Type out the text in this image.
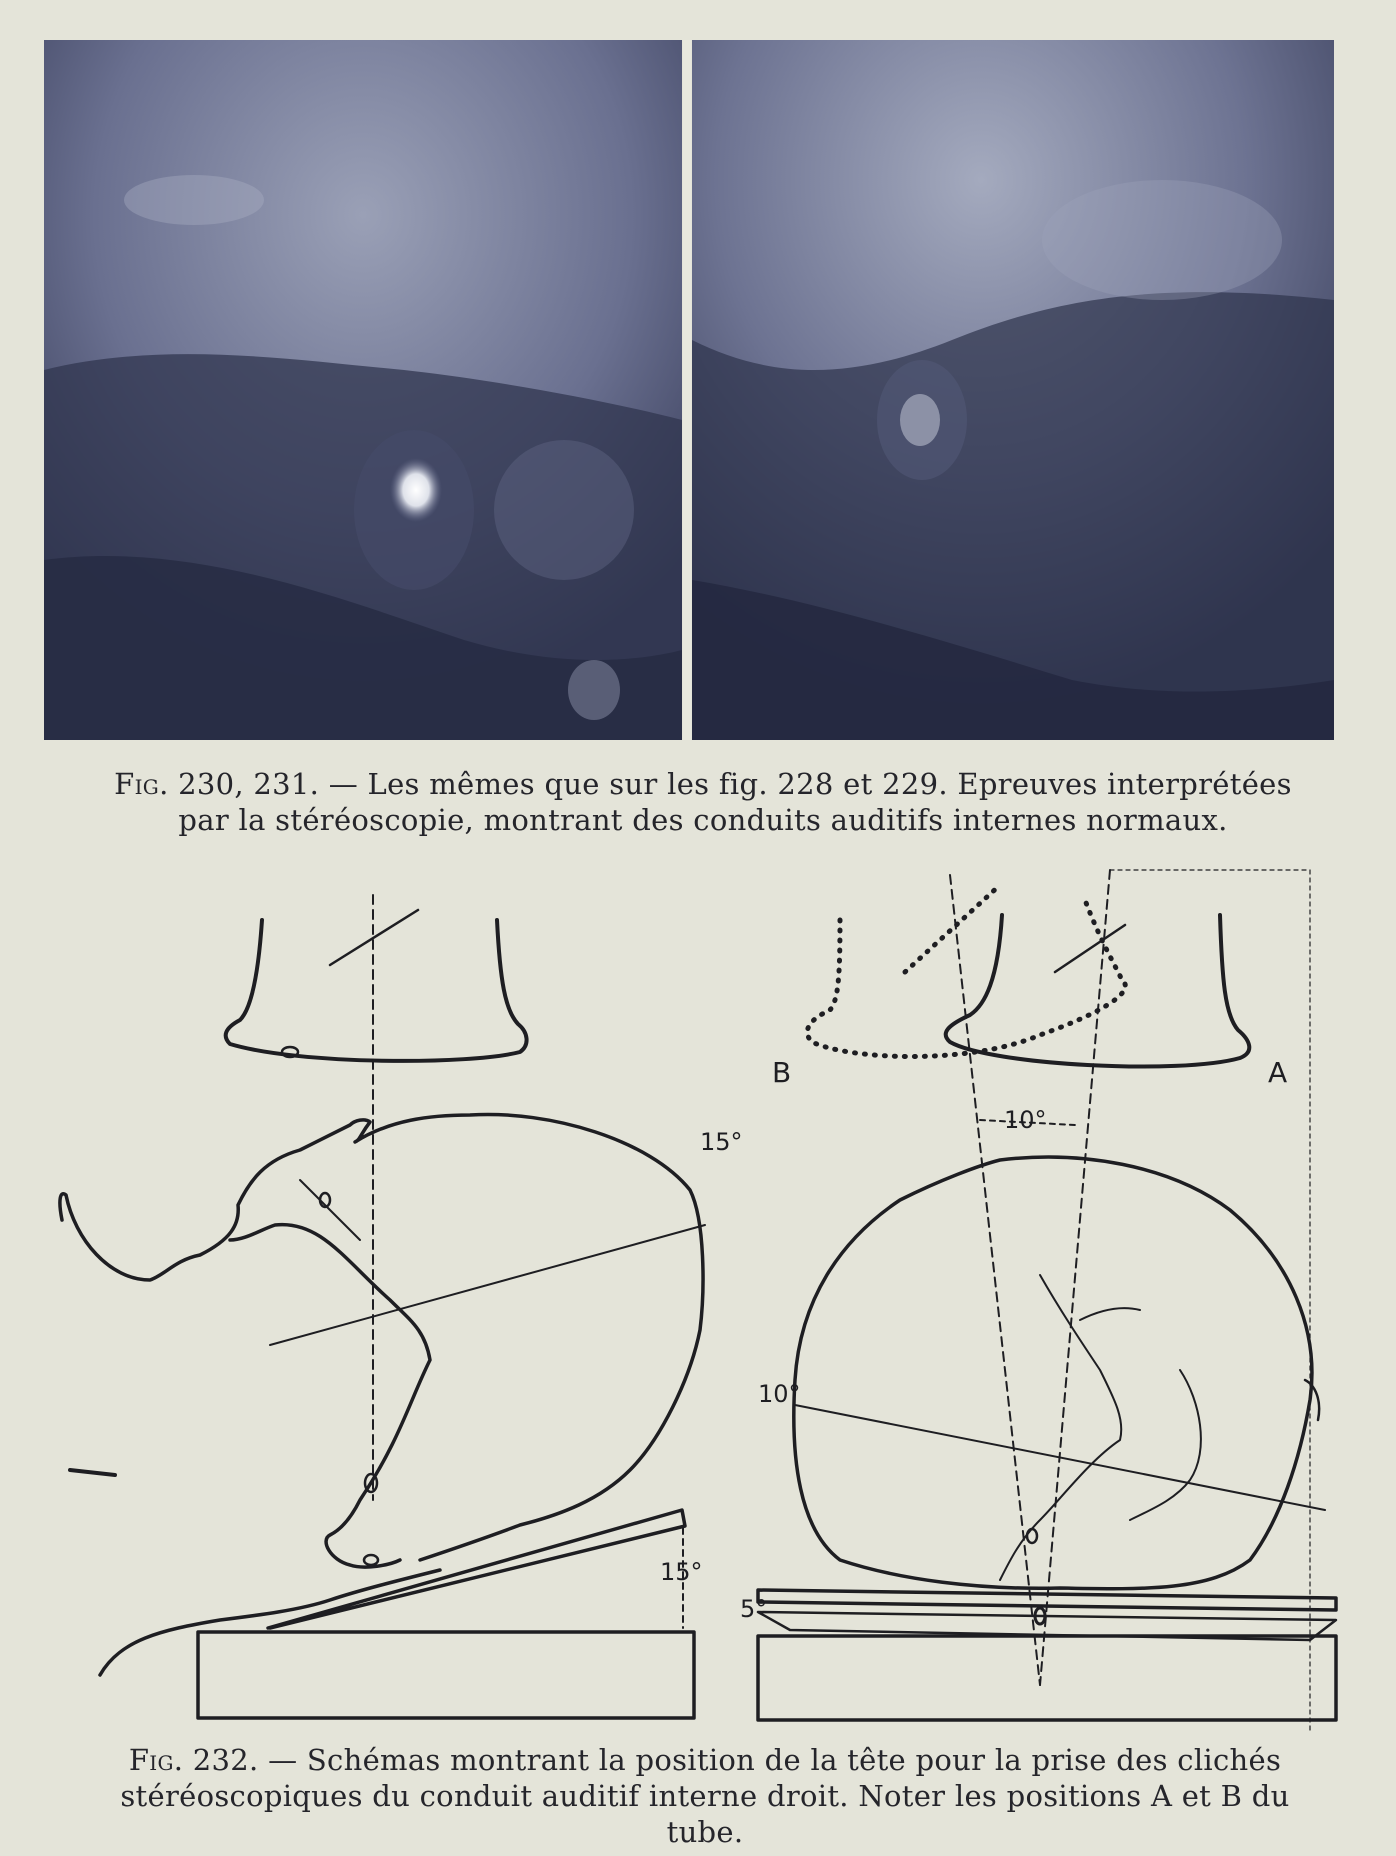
Fig. 230, 231. — Les mêmes que sur les fig. 228 et 229. Epreuves interprétées par la stéréoscopie, montrant des conduits auditifs internes normaux.
15°
15°
10°
10°
5°
A
B
Fig. 232. — Schémas montrant la position de la tête pour la prise des clichés stéréoscopiques du conduit auditif interne droit. Noter les positions A et B du tube.
